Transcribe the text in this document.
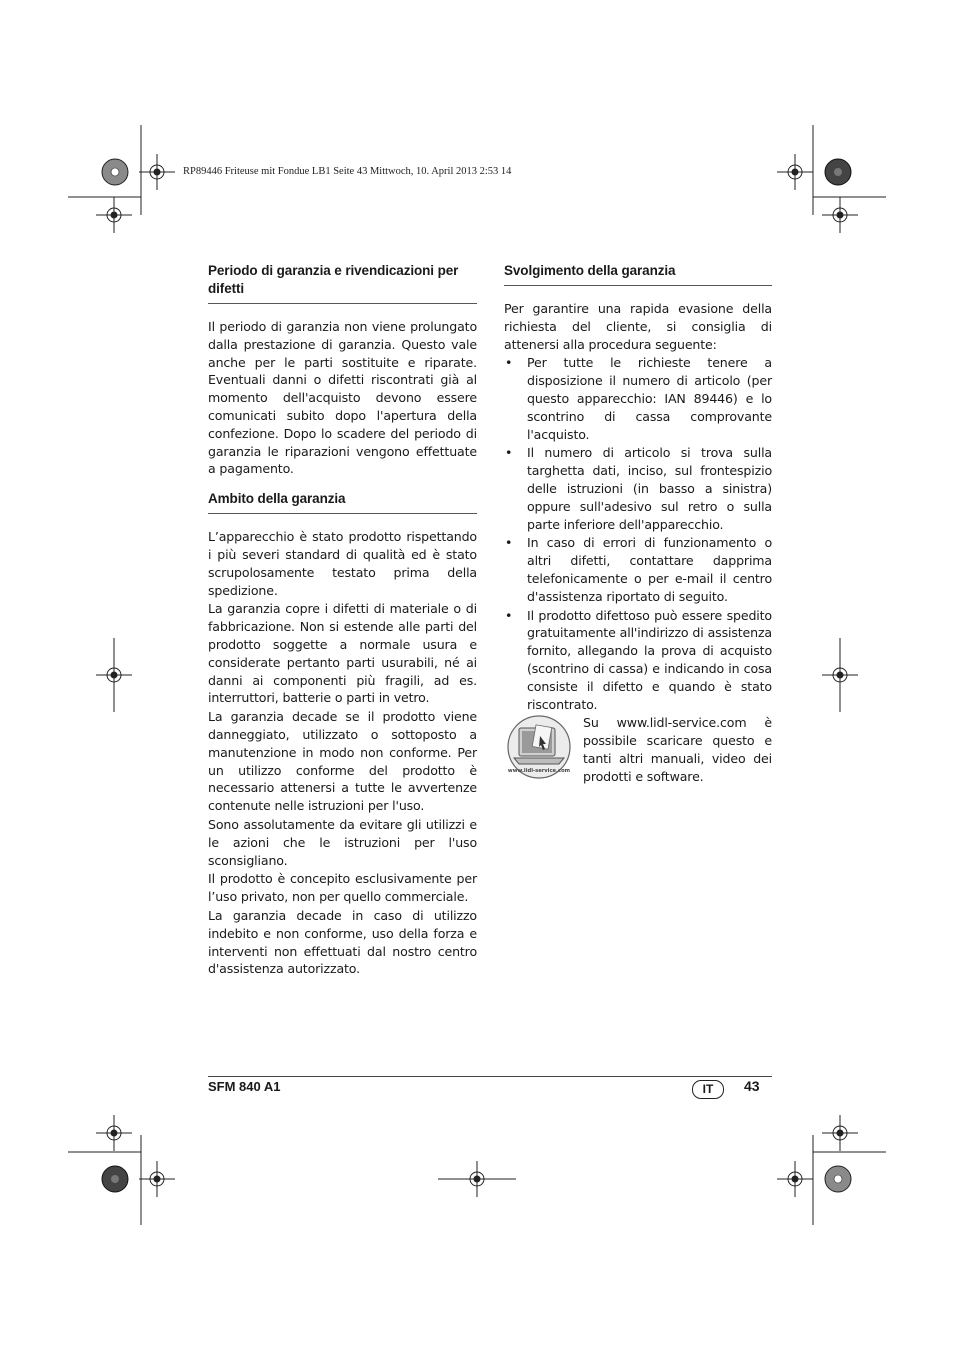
RP89446 Friteuse mit Fondue LB1 Seite 43 Mittwoch, 10. April 2013 2:53 14
Periodo di garanzia e rivendicazioni per difetti

Il periodo di garanzia non viene prolungato dalla prestazione di garanzia. Questo vale anche per le parti sostituite e riparate. Eventuali danni o difetti riscontrati già al momento dell'acquisto devono essere comunicati subito dopo l'apertura della confezione. Dopo lo scadere del periodo di garanzia le riparazioni vengono effettuate a pagamento.

Ambito della garanzia

L’apparecchio è stato prodotto rispettando i più severi standard di qualità ed è stato scrupolosamente testato prima della spedizione.

La garanzia copre i difetti di materiale o di fabbricazione. Non si estende alle parti del prodotto soggette a normale usura e considerate pertanto parti usurabili, né ai danni ai componenti più fragili, ad es. interruttori, batterie o parti in vetro.

La garanzia decade se il prodotto viene danneggiato, utilizzato o sottoposto a manutenzione in modo non conforme. Per un utilizzo conforme del prodotto è necessario attenersi a tutte le avvertenze contenute nelle istruzioni per l'uso.

Sono assolutamente da evitare gli utilizzi e le azioni che le istruzioni per l'uso sconsigliano.

Il prodotto è concepito esclusivamente per l’uso privato, non per quello commerciale.

La garanzia decade in caso di utilizzo indebito e non conforme, uso della forza e interventi non effettuati dal nostro centro d'assistenza autorizzato.

Svolgimento della garanzia

Per garantire una rapida evasione della richiesta del cliente, si consiglia di attenersi alla procedura seguente:

• Per tutte le richieste tenere a disposizione il numero di articolo (per questo apparecchio: IAN 89446) e lo scontrino di cassa comprovante l'acquisto.
• Il numero di articolo si trova sulla targhetta dati, inciso, sul frontespizio delle istruzioni (in basso a sinistra) oppure sull'adesivo sul retro o sulla parte inferiore dell'apparecchio.
• In caso di errori di funzionamento o altri difetti, contattare dapprima telefonicamente o per e-mail il centro d'assistenza riportato di seguito.
• Il prodotto difettoso può essere spedito gratuitamente all'indirizzo di assistenza fornito, allegando la prova di acquisto (scontrino di cassa) e indicando in cosa consiste il difetto e quando è stato riscontrato.
www.lidl-service.com

Su www.lidl-service.com è possibile scaricare questo e tanti altri manuali, video dei prodotti e software.

SFM 840 A1	IT	43
